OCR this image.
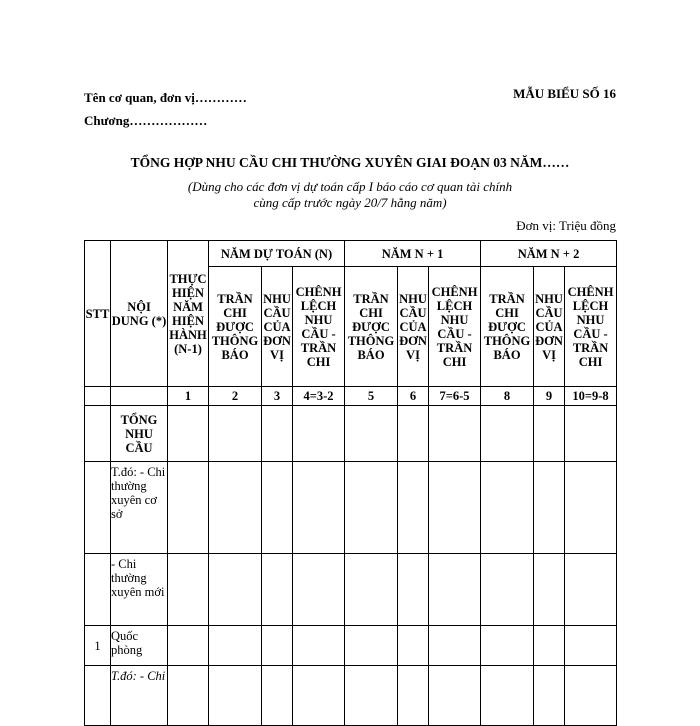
Tên cơ quan, đơn vị…………
Chương………………
MẪU BIỂU SỐ 16
TỔNG HỢP NHU CẦU CHI THƯỜNG XUYÊN GIAI ĐOẠN 03 NĂM……
(Dùng cho các đơn vị dự toán cấp I báo cáo cơ quan tài chính cùng cấp trước ngày 20/7 hằng năm)
Đơn vị: Triệu đồng
STT	NỘI DUNG (*)	THỰC HIỆN NĂM HIỆN HÀNH (N-1)	NĂM DỰ TOÁN (N)			NĂM N + 1			NĂM N + 2		
			TRẦN CHI ĐƯỢC THÔNG BÁO	NHU CẦU CỦA ĐƠN VỊ	CHÊNH LỆCH NHU CẦU - TRẦN CHI	TRẦN CHI ĐƯỢC THÔNG BÁO	NHU CẦU CỦA ĐƠN VỊ	CHÊNH LỆCH NHU CẦU - TRẦN CHI	TRẦN CHI ĐƯỢC THÔNG BÁO	NHU CẦU CỦA ĐƠN VỊ	CHÊNH LỆCH NHU CẦU - TRẦN CHI
		1	2	3	4=3-2	5	6	7=6-5	8	9	10=9-8
	TỔNG NHU CẦU										
	T.đó: - Chi thường xuyên cơ sở										
	- Chi thường xuyên mới										
1	Quốc phòng										
	T.đó: - Chi										
